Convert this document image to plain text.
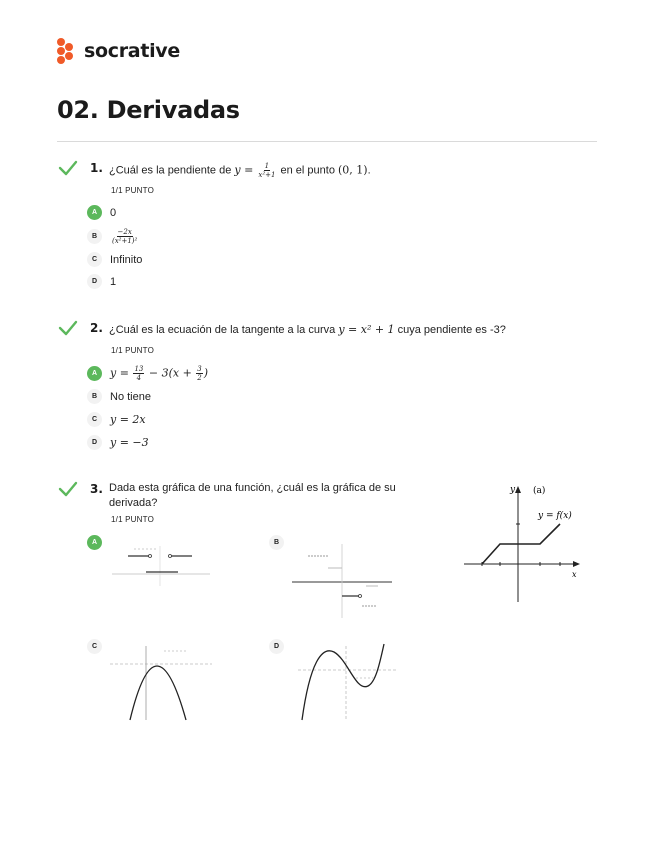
socrative
02. Derivadas
1. ¿Cuál es la pendiente de $y = \frac{1}{\text{x²+1}}$ en el punto (0, 1).
1/1 PUNTO
A	0
B	$\frac{-2x}{\text{(x²+1)²}}$
C	Infinito
D	1
2. ¿Cuál es la ecuación de la tangente a la curva y = x² + 1 cuya pendiente es -3?
1/1 PUNTO
A	$y = \frac{13}{4} - 3(x + \frac{3}{2}$ )
B	No tiene
C	y = 2x
D	y = −3
3. Dada esta gráfica de una función, ¿cuál es la gráfica de su
derivada?
1/1 PUNTO
y (a)
y = f(x)
x
A	B
C	D
